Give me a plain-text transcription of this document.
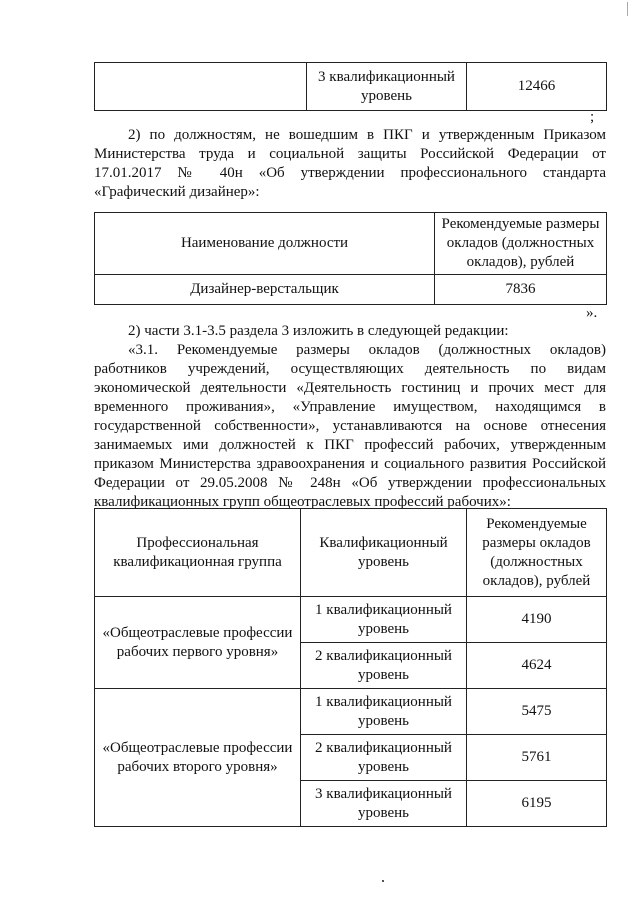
	3 квалификационный уровень	12466
;
2) по должностям, не вошедшим в ПКГ и утвержденным Приказом Министерства труда и социальной защиты Российской Федерации от 17.01.2017 № 40н «Об утверждении профессионального стандарта «Графический дизайнер»:
Наименование должности	Рекомендуемые размеры окладов (должностных окладов), рублей
Дизайнер-верстальщик	7836
».
2) части 3.1-3.5 раздела 3 изложить в следующей редакции:
«3.1. Рекомендуемые размеры окладов (должностных окладов) работников учреждений, осуществляющих деятельность по видам экономической деятельности «Деятельность гостиниц и прочих мест для временного проживания», «Управление имуществом, находящимся в государственной собственности», устанавливаются на основе отнесения занимаемых ими должностей к ПКГ профессий рабочих, утвержденным приказом Министерства здравоохранения и социального развития Российской Федерации от 29.05.2008 № 248н «Об утверждении профессиональных квалификационных групп общеотраслевых профессий рабочих»:
Профессиональная квалификационная группа	Квалификационный уровень	Рекомендуемые размеры окладов (должностных окладов), рублей
«Общеотраслевые профессии рабочих первого уровня»	1 квалификационный уровень	4190
	2 квалификационный уровень	4624
«Общеотраслевые профессии рабочих второго уровня»	1 квалификационный уровень	5475
	2 квалификационный уровень	5761
	3 квалификационный уровень	6195
